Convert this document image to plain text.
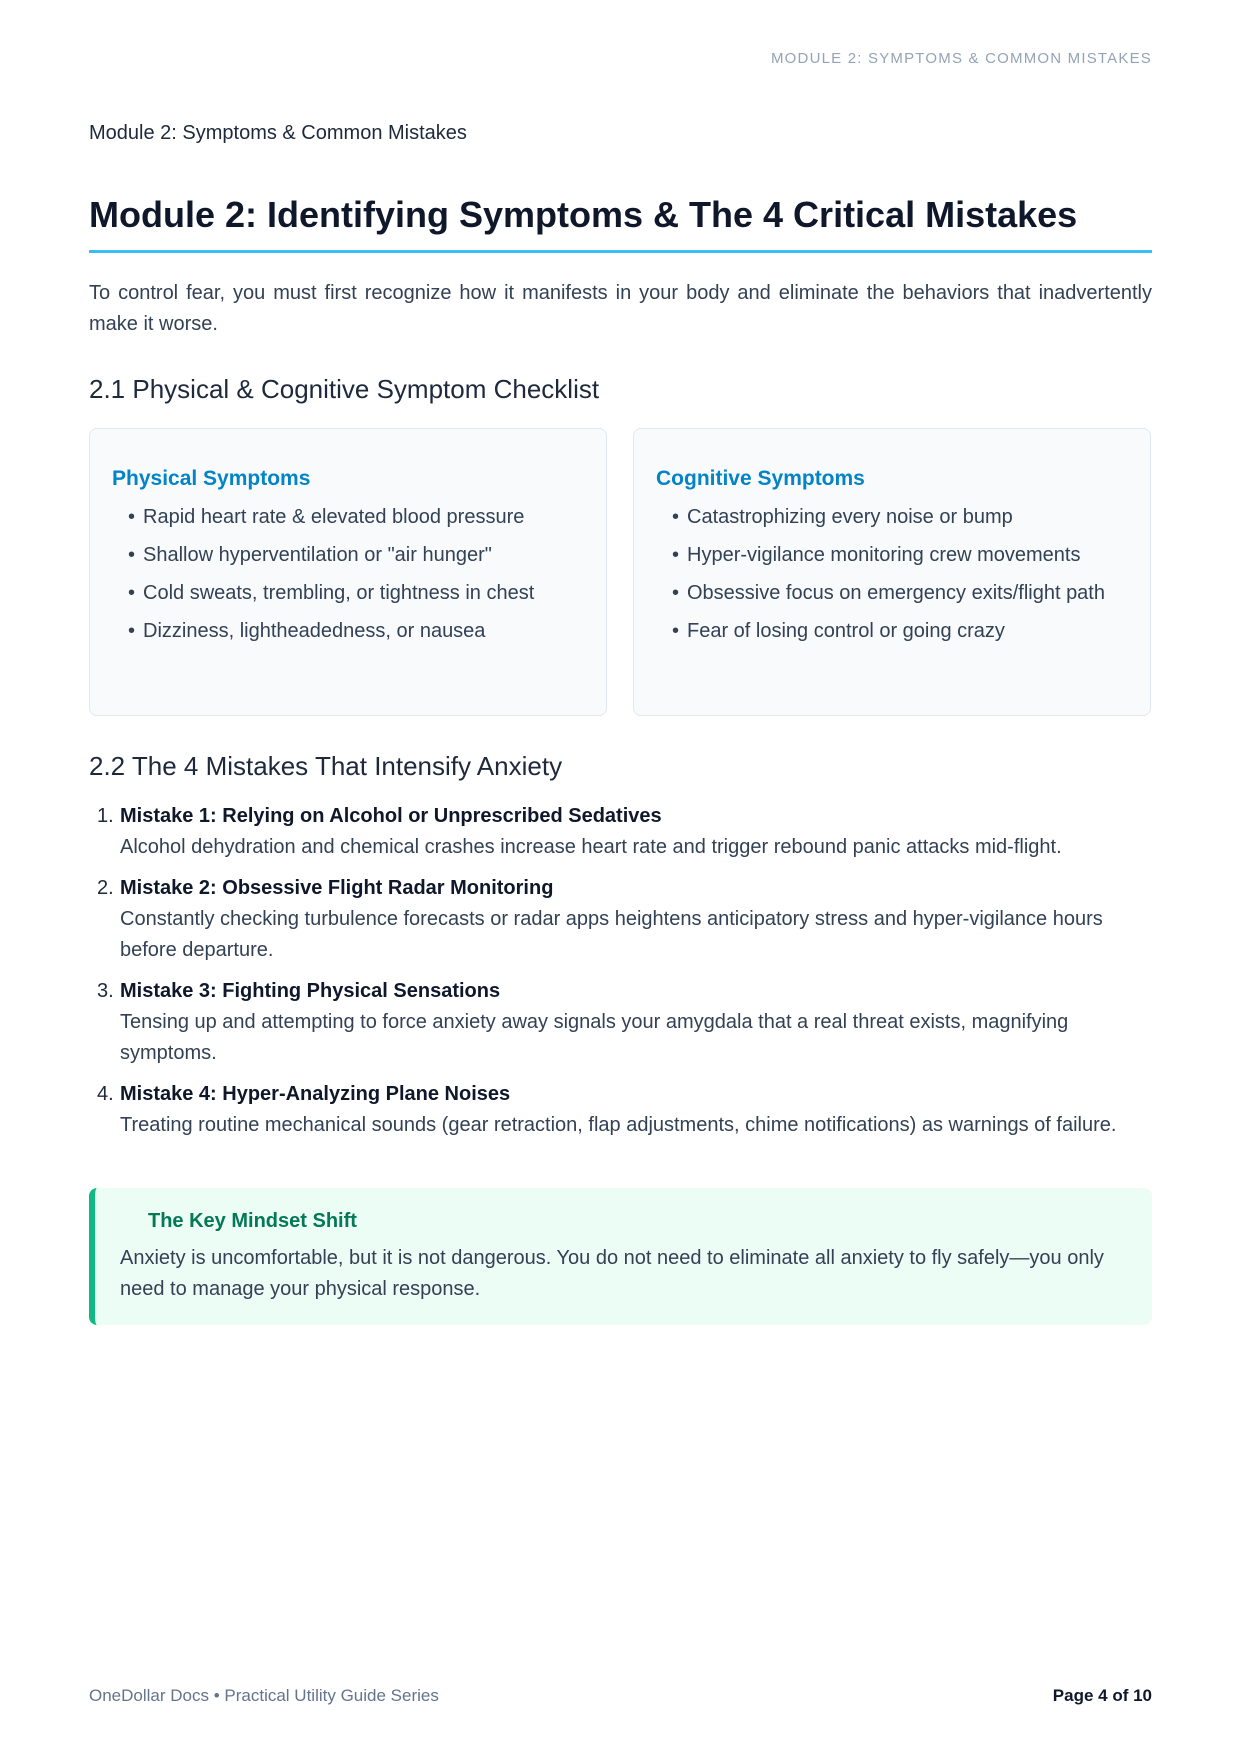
MODULE 2: SYMPTOMS & COMMON MISTAKES
Module 2: Symptoms & Common Mistakes
Module 2: Identifying Symptoms & The 4 Critical Mistakes

To control fear, you must first recognize how it manifests in your body and eliminate the behaviors that inadvertently make it worse.

2.1 Physical & Cognitive Symptom Checklist
Physical Symptoms
• Rapid heart rate & elevated blood pressure
• Shallow hyperventilation or "air hunger"
• Cold sweats, trembling, or tightness in chest
• Dizziness, lightheadedness, or nausea
Cognitive Symptoms
• Catastrophizing every noise or bump
• Hyper-vigilance monitoring crew movements
• Obsessive focus on emergency exits/flight path
• Fear of losing control or going crazy
2.2 The 4 Mistakes That Intensify Anxiety
1. Mistake 1: Relying on Alcohol or Unprescribed Sedatives
Alcohol dehydration and chemical crashes increase heart rate and trigger rebound panic attacks mid-flight.
2. Mistake 2: Obsessive Flight Radar Monitoring
Constantly checking turbulence forecasts or radar apps heightens anticipatory stress and hyper-vigilance hours before departure.
3. Mistake 3: Fighting Physical Sensations
Tensing up and attempting to force anxiety away signals your amygdala that a real threat exists, magnifying symptoms.
4. Mistake 4: Hyper-Analyzing Plane Noises
Treating routine mechanical sounds (gear retraction, flap adjustments, chime notifications) as warnings of failure.
The Key Mindset Shift

Anxiety is uncomfortable, but it is not dangerous. You do not need to eliminate all anxiety to fly safely—you only need to manage your physical response.

OneDollar Docs • Practical Utility Guide Series	Page 4 of 10
